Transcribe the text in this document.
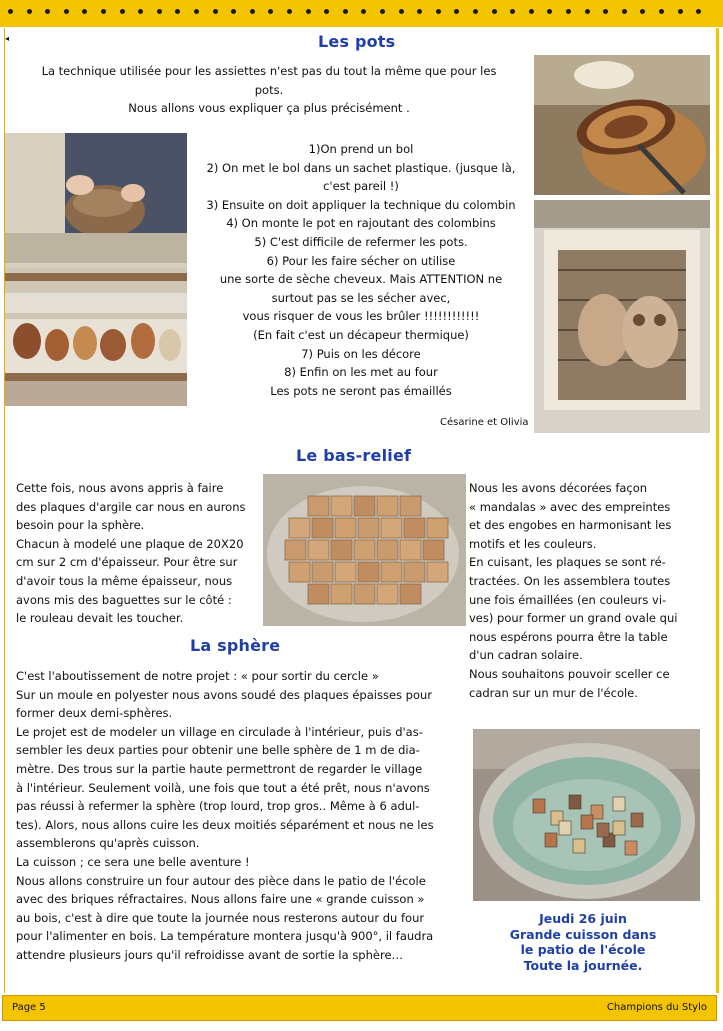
◂	Les pots
La technique utilisée pour les assiettes n'est pas du tout la même que pour les
pots.
Nous allons vous expliquer ça plus précisément .
1)On prend un bol
2) On met le bol dans un sachet plastique. (jusque là,
c'est pareil !)
3) Ensuite on doit appliquer la technique du colombin
4) On monte le pot en rajoutant des colombins
5) C'est difficile de refermer les pots.
6) Pour les faire sécher on utilise
une sorte de sèche cheveux. Mais ATTENTION ne
surtout pas se les sécher avec,
vous risquer de vous les brûler !!!!!!!!!!!!
(En fait c'est un décapeur thermique)
7) Puis on les décore
8) Enfin on les met au four
Les pots ne seront pas émaillés
Césarine et Olivia
Le bas-relief
Cette fois, nous avons appris à faire
des plaques d'argile car nous en aurons
besoin pour la sphère.
Chacun à modelé une plaque de 20X20
cm sur 2 cm d'épaisseur. Pour être sur
d'avoir tous la même épaisseur, nous
avons mis des baguettes sur le côté :
le rouleau devait les toucher.
Nous les avons décorées façon
« mandalas » avec des empreintes
et des engobes en harmonisant les
motifs et les couleurs.
En cuisant, les plaques se sont ré-
tractées. On les assemblera toutes
une fois émaillées (en couleurs vi-
ves) pour former un grand ovale qui
nous espérons pourra être la table
d'un cadran solaire.
Nous souhaitons pouvoir sceller ce
cadran sur un mur de l'école.
La sphère
C'est l'aboutissement de notre projet : « pour sortir du cercle »
Sur un moule en polyester nous avons soudé des plaques épaisses pour
former deux demi-sphères.
Le projet est de modeler un village en circulade à l'intérieur, puis d'as-
sembler les deux parties pour obtenir une belle sphère de 1 m de dia-
mètre. Des trous sur la partie haute permettront de regarder le village
à l'intérieur. Seulement voilà, une fois que tout a été prêt, nous n'avons
pas réussi à refermer la sphère (trop lourd, trop gros.. Même à 6 adul-
tes). Alors, nous allons cuire les deux moitiés séparément et nous ne les
assemblerons qu'après cuisson.
La cuisson ; ce sera une belle aventure !
Nous allons construire un four autour des pièce dans le patio de l'école
avec des briques réfractaires. Nous allons faire une « grande cuisson »
au bois, c'est à dire que toute la journée nous resterons autour du four
pour l'alimenter en bois. La température montera jusqu'à 900°, il faudra
attendre plusieurs jours qu'il refroidisse avant de sortie la sphère…
Jeudi 26 juin
Grande cuisson dans
le patio de l'école
Toute la journée.
Page 5	Champions du Stylo
